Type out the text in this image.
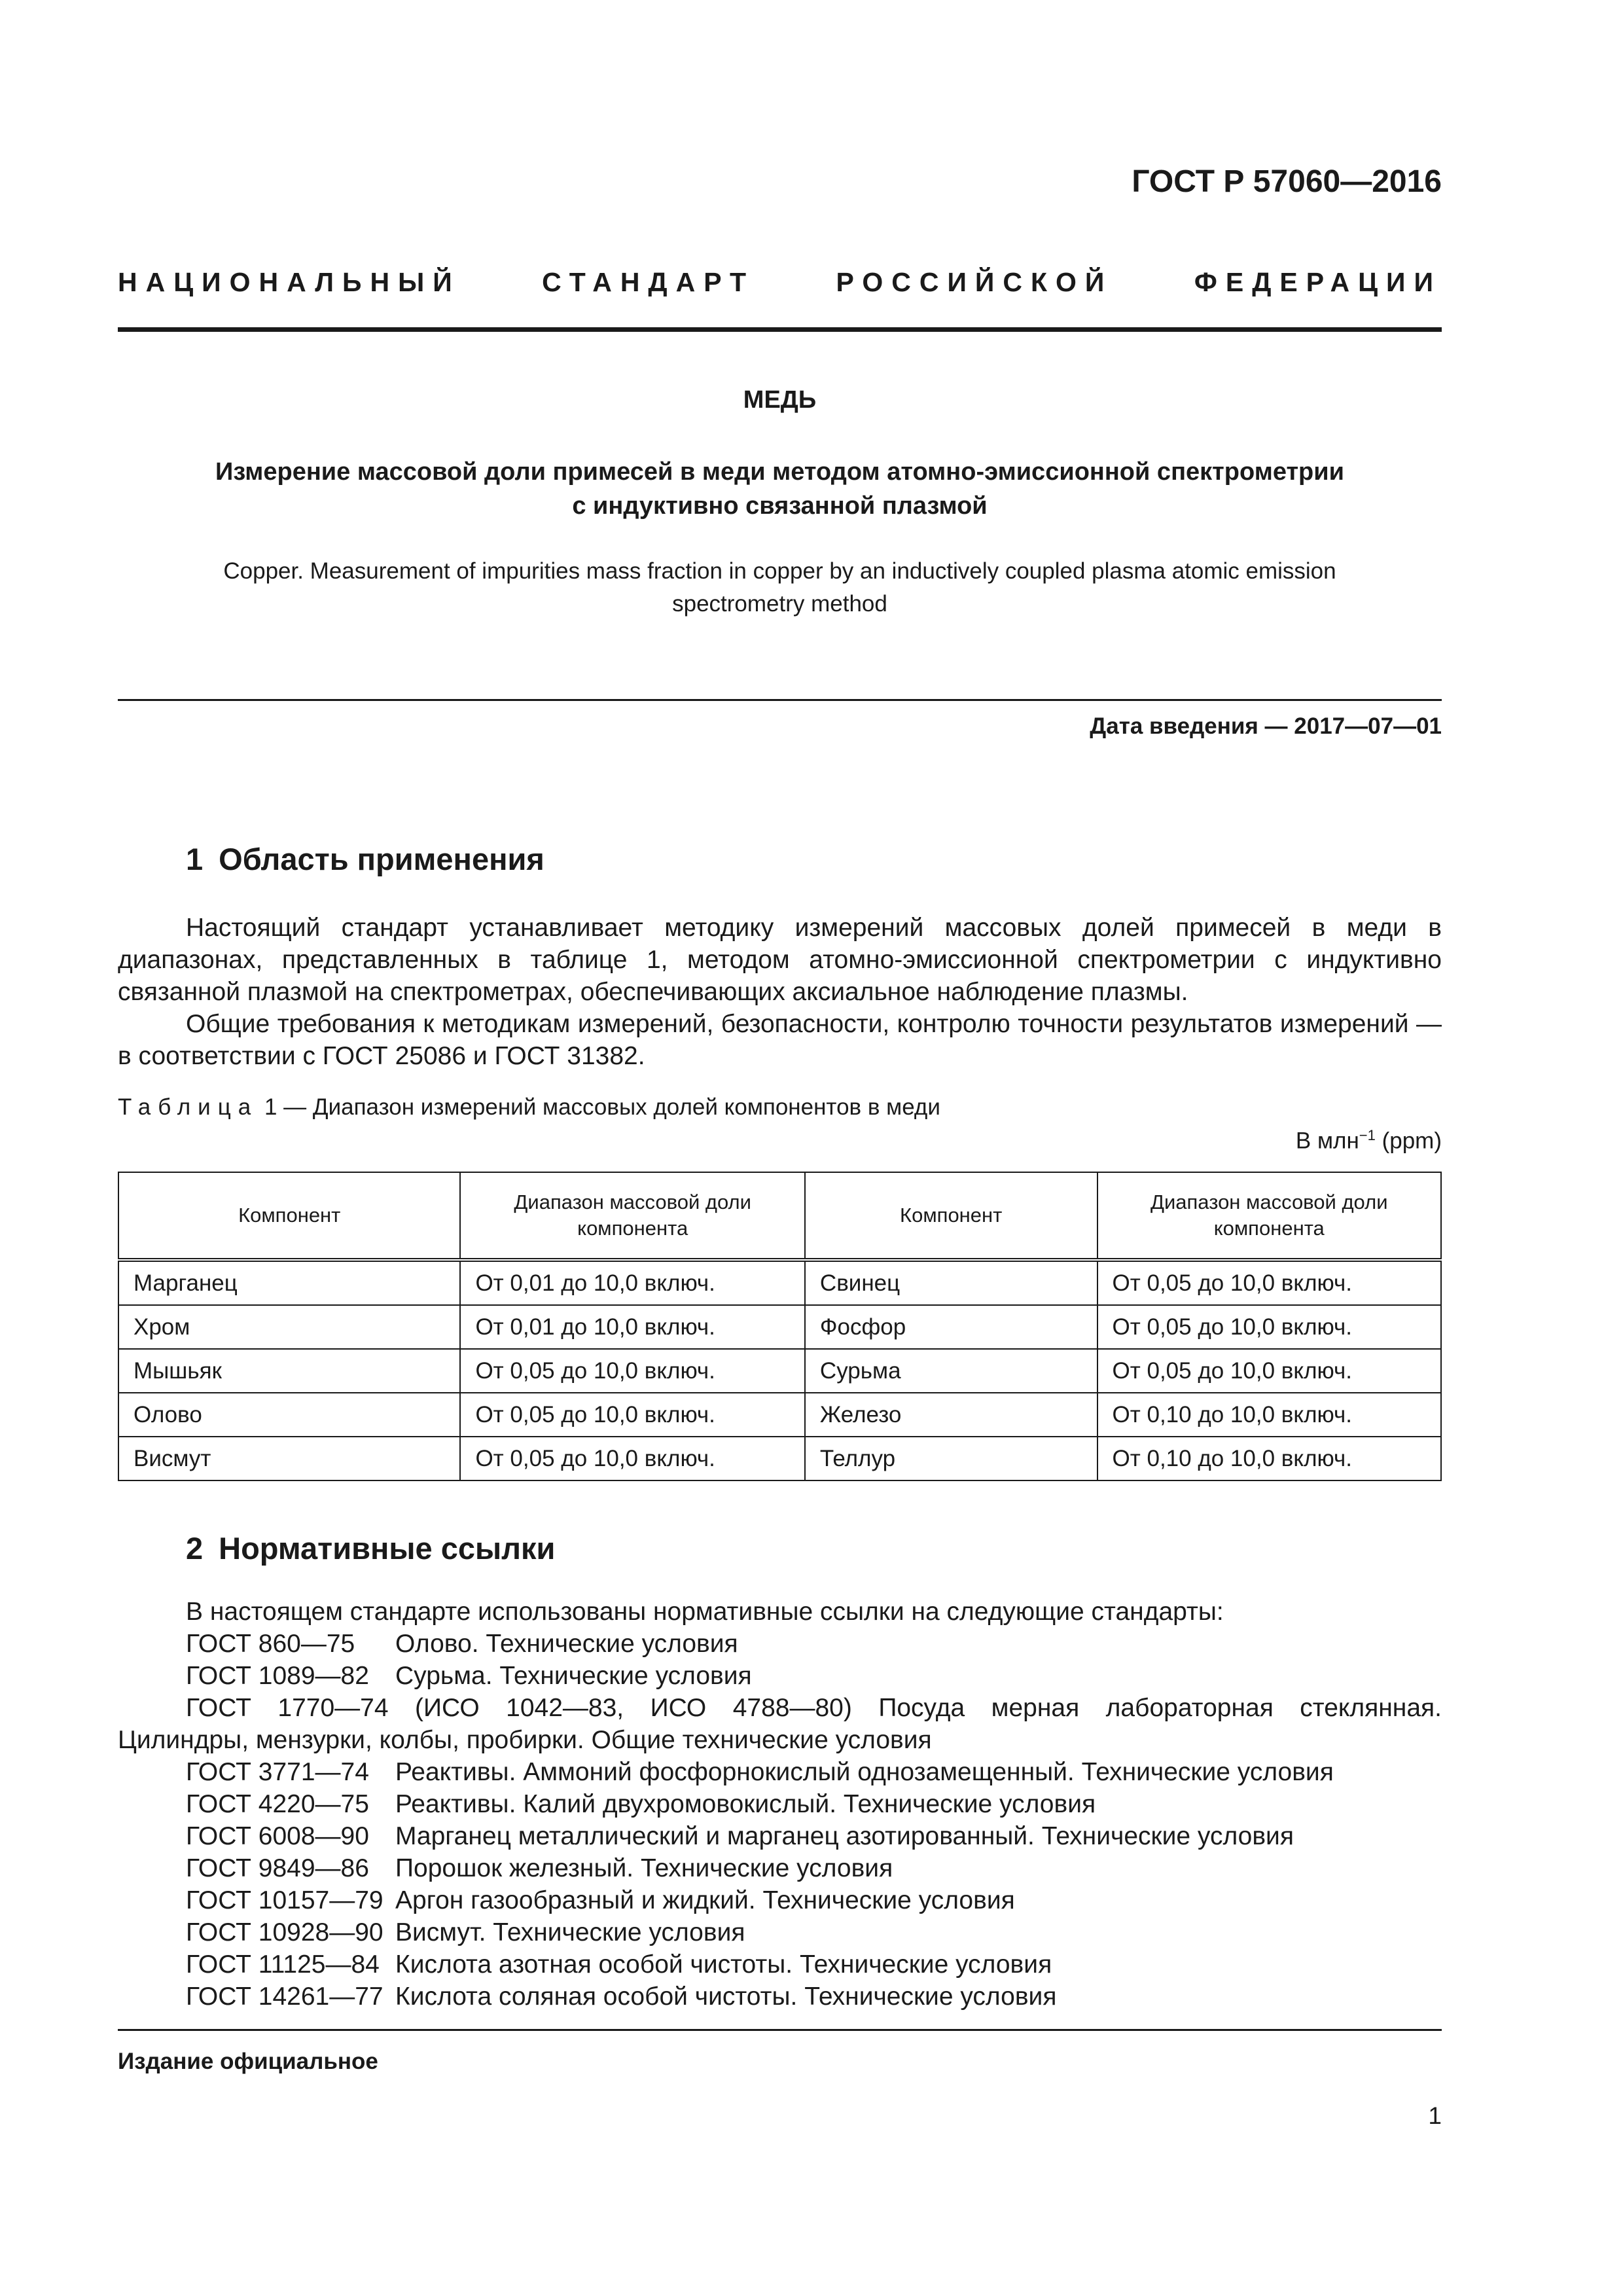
ГОСТ Р 57060—2016
НАЦИОНАЛЬНЫЙ	СТАНДАРТ	РОССИЙСКОЙ	ФЕДЕРАЦИИ
МЕДЬ
Измерение массовой доли примесей в меди методом атомно-эмиссионной спектрометрии
с индуктивно связанной плазмой
Copper. Measurement of impurities mass fraction in copper by an inductively coupled plasma atomic emission
spectrometry method
Дата введения — 2017—07—01
1 Область применения

Настоящий стандарт устанавливает методику измерений массовых долей примесей в меди в диапазонах, представленных в таблице 1, методом атомно-эмиссионной спектрометрии с индуктивно связанной плазмой на спектрометрах, обеспечивающих аксиальное наблюдение плазмы.

Общие требования к методикам измерений, безопасности, контролю точности результатов измерений — в соответствии с ГОСТ 25086 и ГОСТ 31382.

Таблица 1 — Диапазон измерений массовых долей компонентов в меди
В млн$^{-1}$ (ppm)
Компонент	Диапазон массовой доли компонента	Компонент	Диапазон массовой доли компонента
Марганец	От 0,01 до 10,0 включ.	Свинец	От 0,05 до 10,0 включ.
Хром	От 0,01 до 10,0 включ.	Фосфор	От 0,05 до 10,0 включ.
Мышьяк	От 0,05 до 10,0 включ.	Сурьма	От 0,05 до 10,0 включ.
Олово	От 0,05 до 10,0 включ.	Железо	От 0,10 до 10,0 включ.
Висмут	От 0,05 до 10,0 включ.	Теллур	От 0,10 до 10,0 включ.
2 Нормативные ссылки
В настоящем стандарте использованы нормативные ссылки на следующие стандарты:
ГОСТ 860—75 Олово. Технические условия
ГОСТ 1089—82 Сурьма. Технические условия
ГОСТ 1770—74 (ИСО 1042—83, ИСО 4788—80) Посуда мерная лабораторная стеклянная.
Цилиндры, мензурки, колбы, пробирки. Общие технические условия
ГОСТ 3771—74 Реактивы. Аммоний фосфорнокислый однозамещенный. Технические условия
ГОСТ 4220—75 Реактивы. Калий двухромовокислый. Технические условия
ГОСТ 6008—90 Марганец металлический и марганец азотированный. Технические условия
ГОСТ 9849—86 Порошок железный. Технические условия
ГОСТ 10157—79 Аргон газообразный и жидкий. Технические условия
ГОСТ 10928—90 Висмут. Технические условия
ГОСТ 11125—84 Кислота азотная особой чистоты. Технические условия
ГОСТ 14261—77 Кислота соляная особой чистоты. Технические условия
Издание официальное
1
